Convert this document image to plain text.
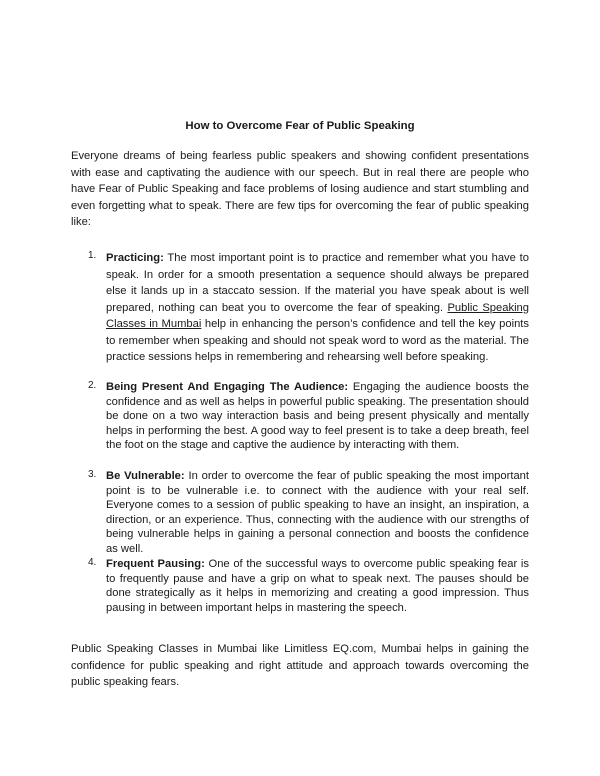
How to Overcome Fear of Public Speaking

Everyone dreams of being fearless public speakers and showing confident presentations with ease and captivating the audience with our speech. But in real there are people who have Fear of Public Speaking and face problems of losing audience and start stumbling and even forgetting what to speak. There are few tips for overcoming the fear of public speaking like:

1. Practicing: The most important point is to practice and remember what you have to speak. In order for a smooth presentation a sequence should always be prepared else it lands up in a staccato session. If the material you have speak about is well prepared, nothing can beat you to overcome the fear of speaking. Public Speaking Classes in Mumbai help in enhancing the person’s confidence and tell the key points to remember when speaking and should not speak word to word as the material. The practice sessions helps in remembering and rehearsing well before speaking.

2. Being Present And Engaging The Audience: Engaging the audience boosts the confidence and as well as helps in powerful public speaking. The presentation should be done on a two way interaction basis and being present physically and mentally helps in performing the best. A good way to feel present is to take a deep breath, feel the foot on the stage and captive the audience by interacting with them.

3. Be Vulnerable: In order to overcome the fear of public speaking the most important point is to be vulnerable i.e. to connect with the audience with your real self. Everyone comes to a session of public speaking to have an insight, an inspiration, a direction, or an experience. Thus, connecting with the audience with our strengths of being vulnerable helps in gaining a personal connection and boosts the confidence as well.

4. Frequent Pausing: One of the successful ways to overcome public speaking fear is to frequently pause and have a grip on what to speak next. The pauses should be done strategically as it helps in memorizing and creating a good impression. Thus pausing in between important helps in mastering the speech.

Public Speaking Classes in Mumbai like Limitless EQ.com, Mumbai helps in gaining the confidence for public speaking and right attitude and approach towards overcoming the public speaking fears.
